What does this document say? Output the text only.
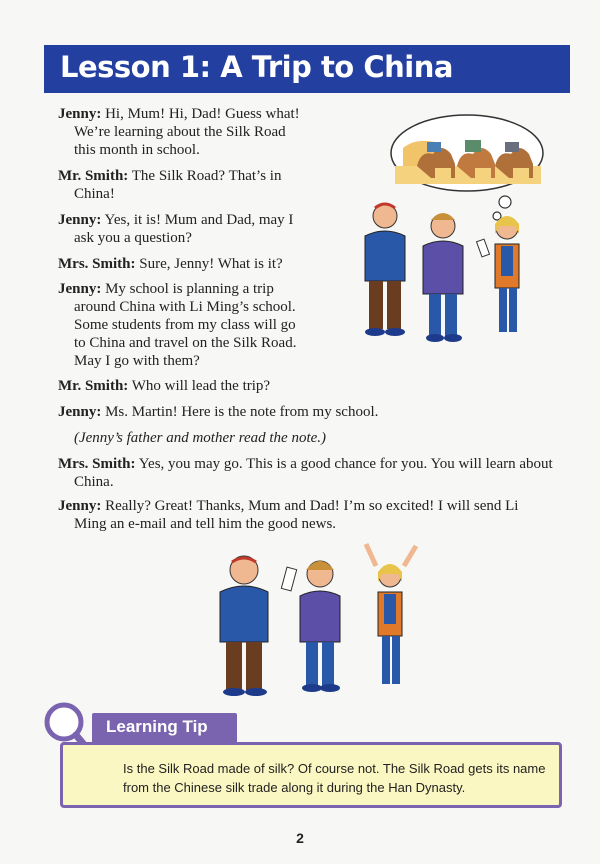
Lesson 1: A Trip to China

Jenny: Hi, Mum! Hi, Dad! Guess what!
We’re learning about the Silk Road
this month in school.

Mr. Smith: The Silk Road? That’s in
China!

Jenny: Yes, it is! Mum and Dad, may I
ask you a question?

Mrs. Smith: Sure, Jenny! What is it?

Jenny: My school is planning a trip
around China with Li Ming’s school.
Some students from my class will go
to China and travel on the Silk Road.
May I go with them?

Mr. Smith: Who will lead the trip?

Jenny: Ms. Martin! Here is the note from my school.

(Jenny’s father and mother read the note.)

Mrs. Smith: Yes, you may go. This is a good chance for you. You will learn about
China.

Jenny: Really? Great! Thanks, Mum and Dad! I’m so excited! I will send Li
Ming an e-mail and tell him the good news.

Learning Tip
Is the Silk Road made of silk? Of course not. The Silk Road gets its name
from the Chinese silk trade along it during the Han Dynasty.
2
